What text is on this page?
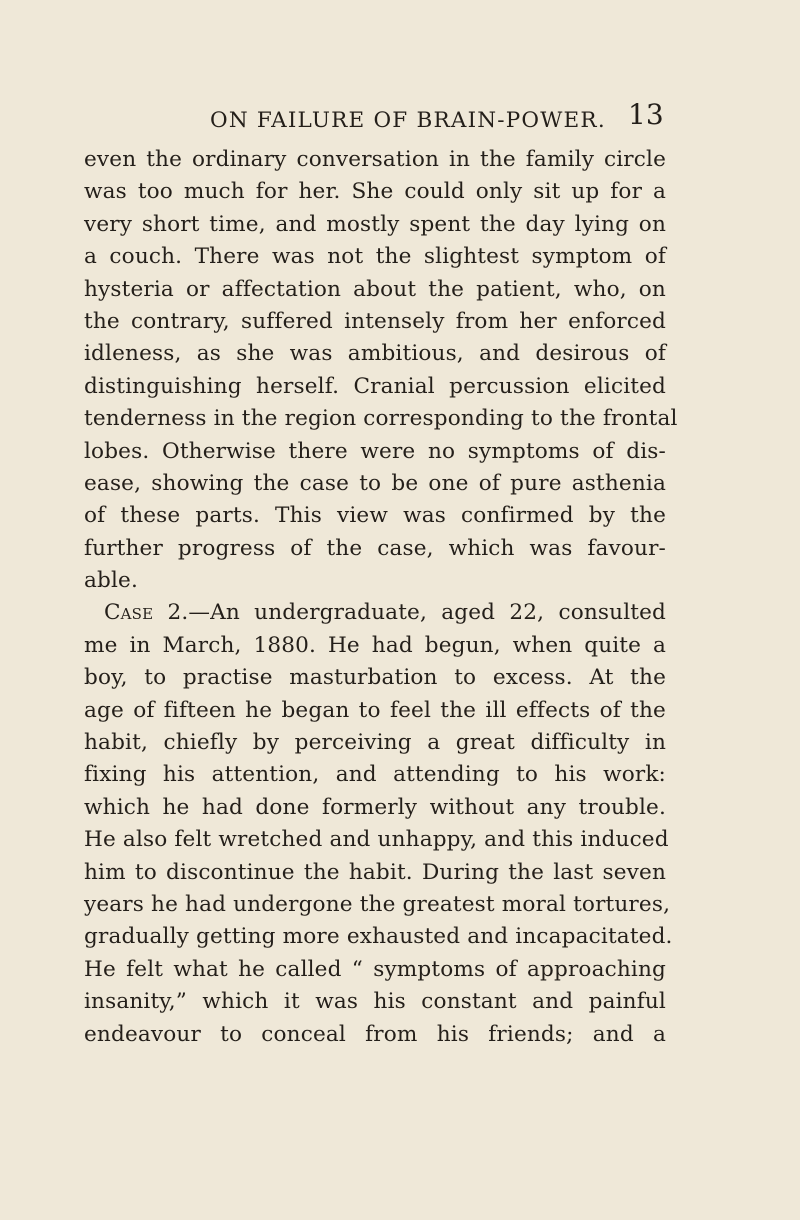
ON FAILURE OF BRAIN-POWER. 13
even the ordinary conversation in the family circle
was too much for her. She could only sit up for a
very short time, and mostly spent the day lying on
a couch. There was not the slightest symptom of
hysteria or affectation about the patient, who, on
the contrary, suffered intensely from her enforced
idleness, as she was ambitious, and desirous of
distinguishing herself. Cranial percussion elicited
tenderness in the region corresponding to the frontal
lobes. Otherwise there were no symptoms of dis-
ease, showing the case to be one of pure asthenia
of these parts. This view was confirmed by the
further progress of the case, which was favour-
able.
Case 2.—An undergraduate, aged 22, consulted
me in March, 1880. He had begun, when quite a
boy, to practise masturbation to excess. At the
age of fifteen he began to feel the ill effects of the
habit, chiefly by perceiving a great difficulty in
fixing his attention, and attending to his work:
which he had done formerly without any trouble.
He also felt wretched and unhappy, and this induced
him to discontinue the habit. During the last seven
years he had undergone the greatest moral tortures,
gradually getting more exhausted and incapacitated.
He felt what he called “ symptoms of approaching
insanity,” which it was his constant and painful
endeavour to conceal from his friends; and a
